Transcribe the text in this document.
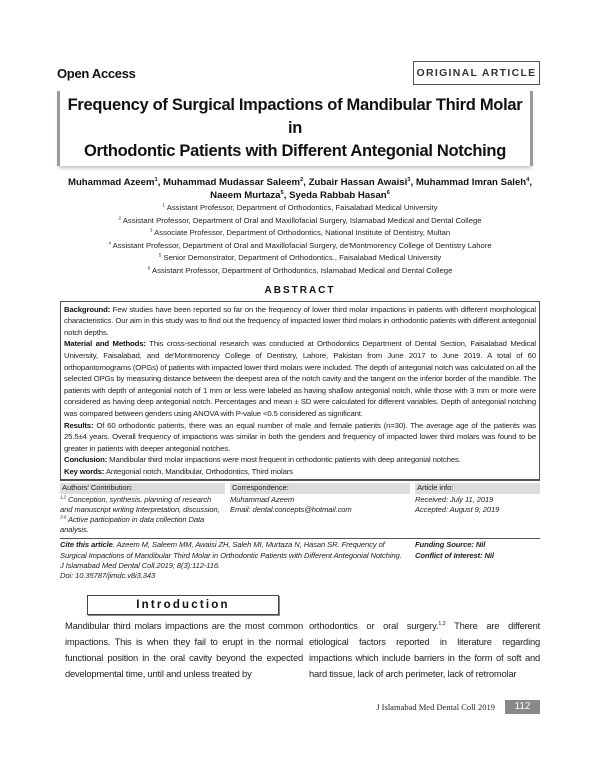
Open Access	ORIGINAL ARTICLE
Frequency of Surgical Impactions of Mandibular Third Molar in
Orthodontic Patients with Different Antegonial Notching
Muhammad Azeem$^1$, Muhammad Mudassar Saleem$^2$, Zubair Hassan Awaisi$^3$, Muhammad Imran Saleh$^4$, Naeem Murtaza$^5$, Syeda Rabbab Hasan$^6$
$^1$ Assistant Professor, Department of Orthodontics, Faisalabad Medical University
$^2$ Assistant Professor, Department of Oral and Maxillofacial Surgery, Islamabad Medical and Dental College
$^3$ Associate Professor, Department of Orthodontics, National Institute of Dentistry, Multan
$^4$ Assistant Professor, Department of Oral and Maxillofacial Surgery, de'Montmorency College of Dentistry Lahore
$^5$ Senior Demonstrator, Department of Orthodontics., Faisalabad Medical University
$^6$ Assistant Professor, Department of Orthodontics, Islamabad Medical and Dental College
ABSTRACT
Background: Few studies have been reported so far on the frequency of lower third molar impactions in patients with different morphological characteristics. Our aim in this study was to find out the frequency of impacted lower third molars in orthodontic patients with different antegonial notch depths.
Material and Methods: This cross-sectional research was conducted at Orthodontics Department of Dental Section, Faisalabad Medical University, Faisalabad, and de'Montmorency College of Dentistry, Lahore, Pakistan from June 2017 to June 2019. A total of 60 orthopantomograms (OPGs) of patients with impacted lower third molars were included. The depth of antegonial notch was calculated on all the selected OPGs by measuring distance between the deepest area of the notch cavity and the tangent on the inferior border of the mandible. The patients with depth of antegonial notch of 1 mm or less were labeled as having shallow antegonial notch, while those with 3 mm or more were considered as having deep antegonial notch. Percentages and mean ± SD were calculated for different variables. Depth of antegonial notching was compared between genders using ANOVA with P-value <0.5 considered as significant.
Results: Of 60 orthodontic patients, there was an equal number of male and female patients (n=30). The average age of the patients was 25.5±4 years. Overall frequency of impactions was similar in both the genders and frequency of impacted lower third molars was found to be greater in patients with deeper antegonial notches.
Conclusion: Mandibular third molar impactions were most frequent in orthodontic patients with deep antegonial notches.
Key words: Antegonial notch, Mandibular, Orthodontics, Third molars
Authors' Contribution:
$^{1,2}$ Conception, synthesis, planning of research and manuscript writing Interpretation, discussion, $^{3-6}$ Active participation in data collection Data analysis.
Correspondence:
Muhammad Azeem
Email: dental.concepts@hotmail.com
Article info:
Received: July 11, 2019
Accepted: August 9, 2019
Cite this article. Azeem M, Saleem MM, Awaisi ZH, Saleh MI, Murtaza N, Hasan SR. Frequency of Surgical Impactions of Mandibular Third Molar in Orthodontic Patients with Different Antegonial Notching. J Islamabad Med Dental Coll.2019; 8(3):112-116.
Doi: 10.35787/jimdc.v8i3.343
Funding Source: Nil
Conflict of Interest: Nil
Introduction
Mandibular third molars impactions are the most common impactions. This is when they fail to erupt in the normal functional position in the oral cavity beyond the expected developmental time, until and unless treated by
orthodontics or oral surgery.$^{1,2}$ There are different etiological factors reported in literature regarding impactions which include barriers in the form of soft and hard tissue, lack of arch perimeter, lack of retromolar
J Islamabad Med Dental Coll 2019	112
